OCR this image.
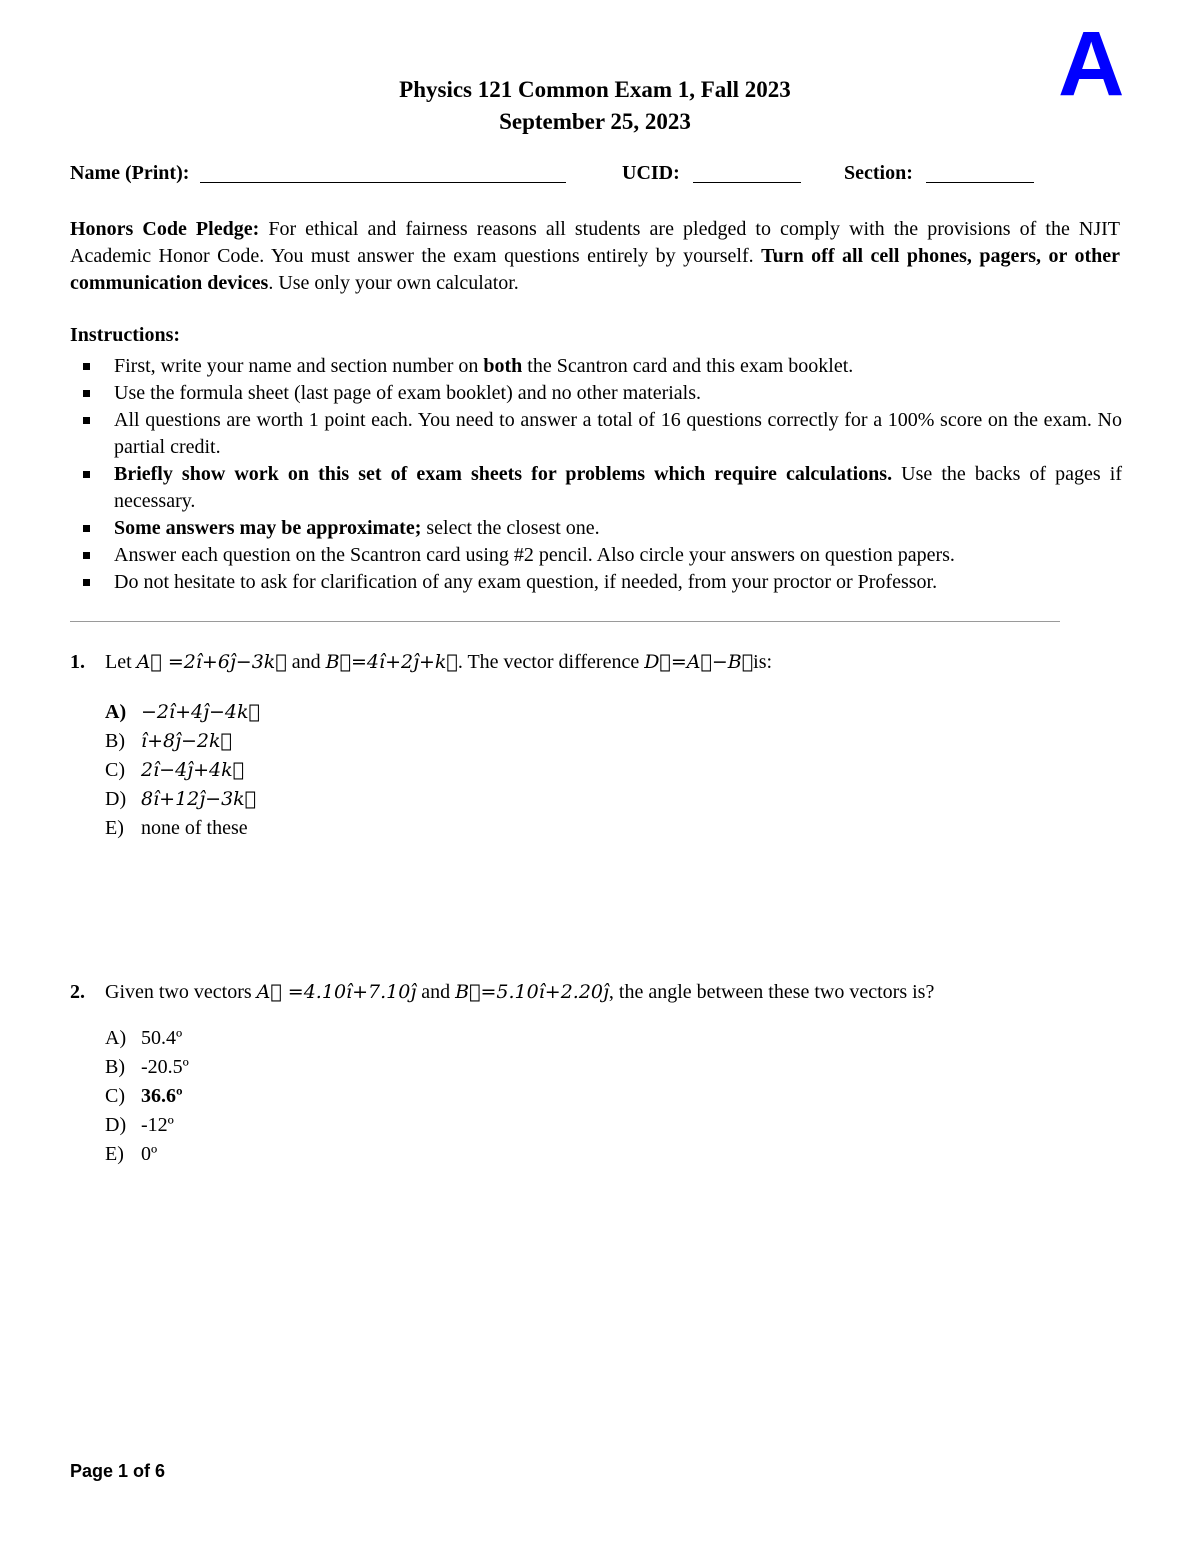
A
Physics 121 Common Exam 1, Fall 2023
September 25, 2023
Name (Print):	UCID:	Section:
Honors Code Pledge: For ethical and fairness reasons all students are pledged to comply with the provisions of the NJIT Academic Honor Code. You must answer the exam questions entirely by yourself. Turn off all cell phones, pagers, or other communication devices. Use only your own calculator.
Instructions:
First, write your name and section number on both the Scantron card and this exam booklet.
Use the formula sheet (last page of exam booklet) and no other materials.
All questions are worth 1 point each. You need to answer a total of 16 questions correctly for a 100% score on the exam. No partial credit.
Briefly show work on this set of exam sheets for problems which require calculations. Use the backs of pages if necessary.
Some answers may be approximate; select the closest one.
Answer each question on the Scantron card using #2 pencil. Also circle your answers on question papers.
Do not hesitate to ask for clarification of any exam question, if needed, from your proctor or Professor.
1. Let A⃗ =2î+6ĵ−3k⃗ and B⃗=4î+2ĵ+k⃗. The vector difference D⃗=A⃗−B⃗is:
A) −2î+4ĵ−4k⃗
B) î+8ĵ−2k⃗
C) 2î−4ĵ+4k⃗
D) 8î+12ĵ−3k⃗
E) none of these
2. Given two vectors A⃗ =4.10î+7.10ĵ and B⃗=5.10î+2.20ĵ, the angle between these two vectors is?
A) 50.4º
B) -20.5º
C) 36.6º
D) -12º
E) 0º
Page 1 of 6
